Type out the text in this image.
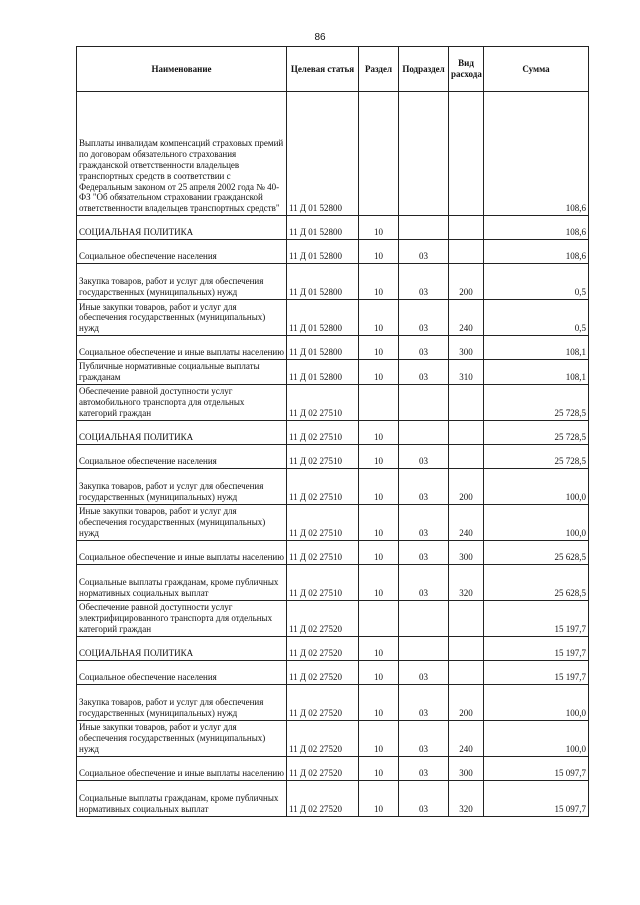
86
Наименование	Целевая статья	Раздел	Подраздел	Вид расхода	Сумма
Выплаты инвалидам компенсаций страховых премий по договорам обязательного страхования гражданской ответственности владельцев транспортных средств в соответствии с Федеральным законом от 25 апреля 2002 года № 40-ФЗ "Об обязательном страховании гражданской ответственности владельцев транспортных средств"	11 Д 01 52800				108,6
СОЦИАЛЬНАЯ ПОЛИТИКА	11 Д 01 52800	10			108,6
Социальное обеспечение населения	11 Д 01 52800	10	03		108,6
Закупка товаров, работ и услуг для обеспечения государственных (муниципальных) нужд	11 Д 01 52800	10	03	200	0,5
Иные закупки товаров, работ и услуг для обеспечения государственных (муниципальных) нужд	11 Д 01 52800	10	03	240	0,5
Социальное обеспечение и иные выплаты населению	11 Д 01 52800	10	03	300	108,1
Публичные нормативные социальные выплаты гражданам	11 Д 01 52800	10	03	310	108,1
Обеспечение равной доступности услуг автомобильного транспорта для отдельных категорий граждан	11 Д 02 27510				25 728,5
СОЦИАЛЬНАЯ ПОЛИТИКА	11 Д 02 27510	10			25 728,5
Социальное обеспечение населения	11 Д 02 27510	10	03		25 728,5
Закупка товаров, работ и услуг для обеспечения государственных (муниципальных) нужд	11 Д 02 27510	10	03	200	100,0
Иные закупки товаров, работ и услуг для обеспечения государственных (муниципальных) нужд	11 Д 02 27510	10	03	240	100,0
Социальное обеспечение и иные выплаты населению	11 Д 02 27510	10	03	300	25 628,5
Социальные выплаты гражданам, кроме публичных нормативных социальных выплат	11 Д 02 27510	10	03	320	25 628,5
Обеспечение равной доступности услуг электрифицированного транспорта для отдельных категорий граждан	11 Д 02 27520				15 197,7
СОЦИАЛЬНАЯ ПОЛИТИКА	11 Д 02 27520	10			15 197,7
Социальное обеспечение населения	11 Д 02 27520	10	03		15 197,7
Закупка товаров, работ и услуг для обеспечения государственных (муниципальных) нужд	11 Д 02 27520	10	03	200	100,0
Иные закупки товаров, работ и услуг для обеспечения государственных (муниципальных) нужд	11 Д 02 27520	10	03	240	100,0
Социальное обеспечение и иные выплаты населению	11 Д 02 27520	10	03	300	15 097,7
Социальные выплаты гражданам, кроме публичных нормативных социальных выплат	11 Д 02 27520	10	03	320	15 097,7
